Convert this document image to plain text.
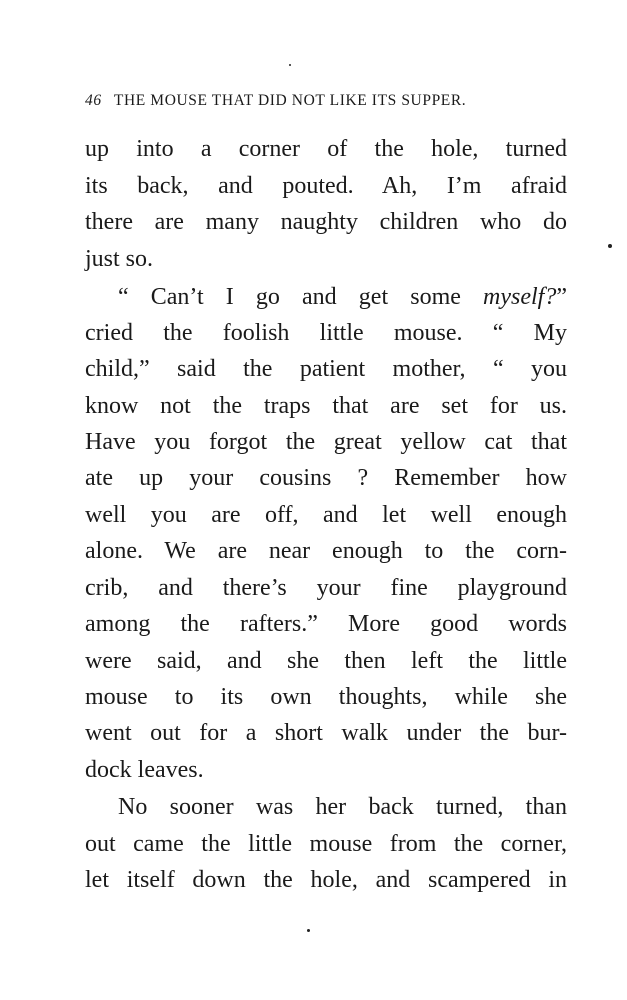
46 THE MOUSE THAT DID NOT LIKE ITS SUPPER.
up into a corner of the hole, turned
its back, and pouted. Ah, I’m afraid
there are many naughty children who do
just so.
“ Can’t I go and get some myself?”
cried the foolish little mouse. “ My
child,” said the patient mother, “ you
know not the traps that are set for us.
Have you forgot the great yellow cat that
ate up your cousins ? Remember how
well you are off, and let well enough
alone. We are near enough to the corn-
crib, and there’s your fine playground
among the rafters.” More good words
were said, and she then left the little
mouse to its own thoughts, while she
went out for a short walk under the bur-
dock leaves.
No sooner was her back turned, than
out came the little mouse from the corner,
let itself down the hole, and scampered in
